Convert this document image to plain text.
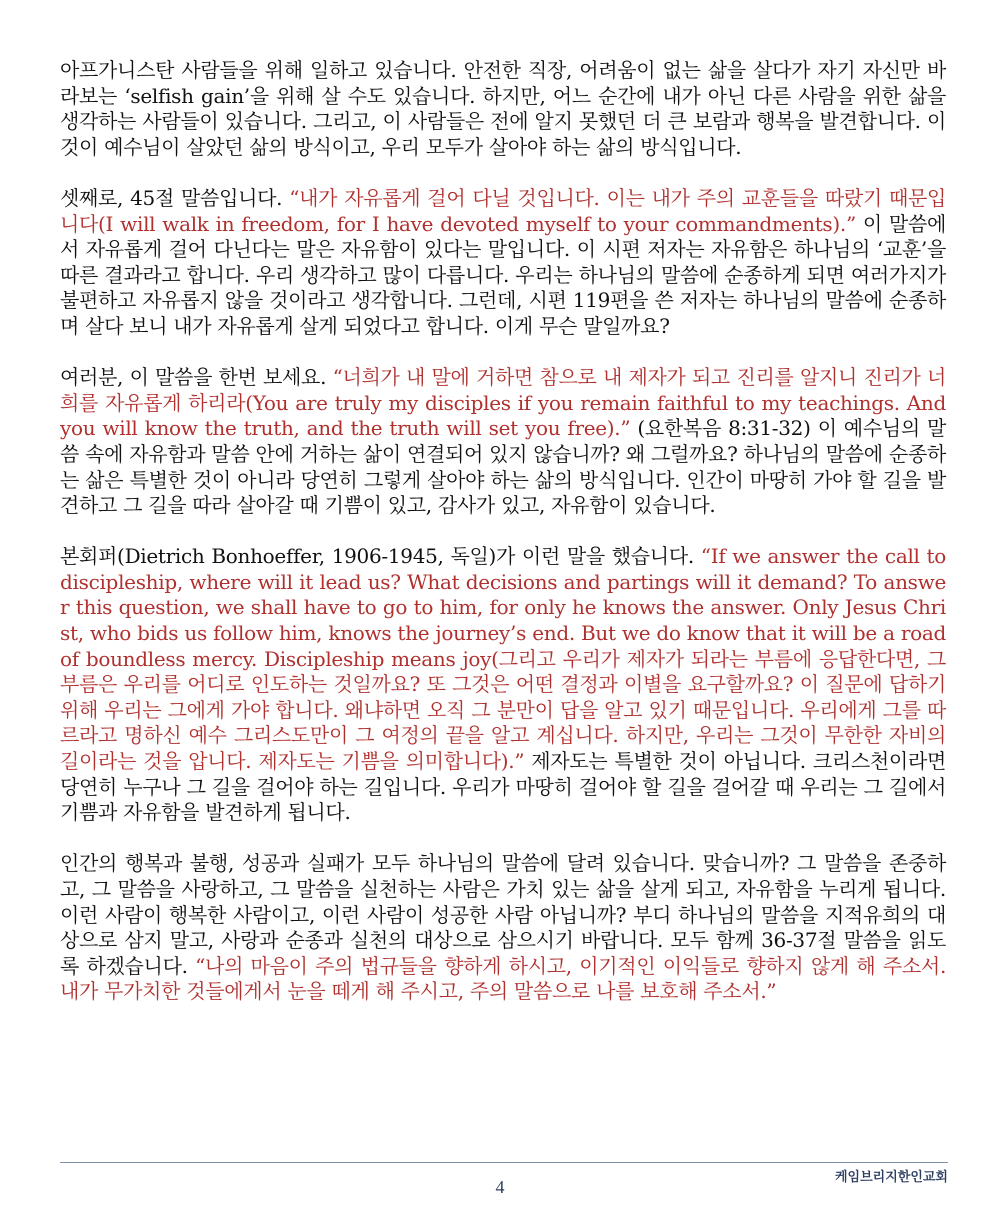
아프가니스탄 사람들을 위해 일하고 있습니다. 안전한 직장, 어려움이 없는 삶을 살다가 자기 자신만 바라보는 ‘selfish gain’을 위해 살 수도 있습니다. 하지만, 어느 순간에 내가 아닌 다른 사람을 위한 삶을 생각하는 사람들이 있습니다. 그리고, 이 사람들은 전에 알지 못했던 더 큰 보람과 행복을 발견합니다. 이것이 예수님이 살았던 삶의 방식이고, 우리 모두가 살아야 하는 삶의 방식입니다.

셋째로, 45절 말씀입니다. “내가 자유롭게 걸어 다닐 것입니다. 이는 내가 주의 교훈들을 따랐기 때문입니다(I will walk in freedom, for I have devoted myself to your commandments).” 이 말씀에서 자유롭게 걸어 다닌다는 말은 자유함이 있다는 말입니다. 이 시편 저자는 자유함은 하나님의 ‘교훈’을 따른 결과라고 합니다. 우리 생각하고 많이 다릅니다. 우리는 하나님의 말씀에 순종하게 되면 여러가지가 불편하고 자유롭지 않을 것이라고 생각합니다. 그런데, 시편 119편을 쓴 저자는 하나님의 말씀에 순종하며 살다 보니 내가 자유롭게 살게 되었다고 합니다. 이게 무슨 말일까요?

여러분, 이 말씀을 한번 보세요. “너희가 내 말에 거하면 참으로 내 제자가 되고 진리를 알지니 진리가 너희를 자유롭게 하리라(You are truly my disciples if you remain faithful to my teachings. And you will know the truth, and the truth will set you free).” (요한복음 8:31-32) 이 예수님의 말씀 속에 자유함과 말씀 안에 거하는 삶이 연결되어 있지 않습니까? 왜 그럴까요? 하나님의 말씀에 순종하는 삶은 특별한 것이 아니라 당연히 그렇게 살아야 하는 삶의 방식입니다. 인간이 마땅히 가야 할 길을 발견하고 그 길을 따라 살아갈 때 기쁨이 있고, 감사가 있고, 자유함이 있습니다.

본회퍼(Dietrich Bonhoeffer, 1906-1945, 독일)가 이런 말을 했습니다. “If we answer the call to discipleship, where will it lead us? What decisions and partings will it demand? To answer this question, we shall have to go to him, for only he knows the answer. Only Jesus Christ, who bids us follow him, knows the journey’s end. But we do know that it will be a road of boundless mercy. Discipleship means joy(그리고 우리가 제자가 되라는 부름에 응답한다면, 그 부름은 우리를 어디로 인도하는 것일까요? 또 그것은 어떤 결정과 이별을 요구할까요? 이 질문에 답하기 위해 우리는 그에게 가야 합니다. 왜냐하면 오직 그 분만이 답을 알고 있기 때문입니다. 우리에게 그를 따르라고 명하신 예수 그리스도만이 그 여정의 끝을 알고 계십니다. 하지만, 우리는 그것이 무한한 자비의 길이라는 것을 압니다. 제자도는 기쁨을 의미합니다).” 제자도는 특별한 것이 아닙니다. 크리스천이라면 당연히 누구나 그 길을 걸어야 하는 길입니다. 우리가 마땅히 걸어야 할 길을 걸어갈 때 우리는 그 길에서 기쁨과 자유함을 발견하게 됩니다.

인간의 행복과 불행, 성공과 실패가 모두 하나님의 말씀에 달려 있습니다. 맞습니까? 그 말씀을 존중하고, 그 말씀을 사랑하고, 그 말씀을 실천하는 사람은 가치 있는 삶을 살게 되고, 자유함을 누리게 됩니다. 이런 사람이 행복한 사람이고, 이런 사람이 성공한 사람 아닙니까? 부디 하나님의 말씀을 지적유희의 대상으로 삼지 말고, 사랑과 순종과 실천의 대상으로 삼으시기 바랍니다. 모두 함께 36-37절 말씀을 읽도록 하겠습니다. “나의 마음이 주의 법규들을 향하게 하시고, 이기적인 이익들로 향하지 않게 해 주소서. 내가 무가치한 것들에게서 눈을 떼게 해 주시고, 주의 말씀으로 나를 보호해 주소서.”

케임브리지한인교회
4
